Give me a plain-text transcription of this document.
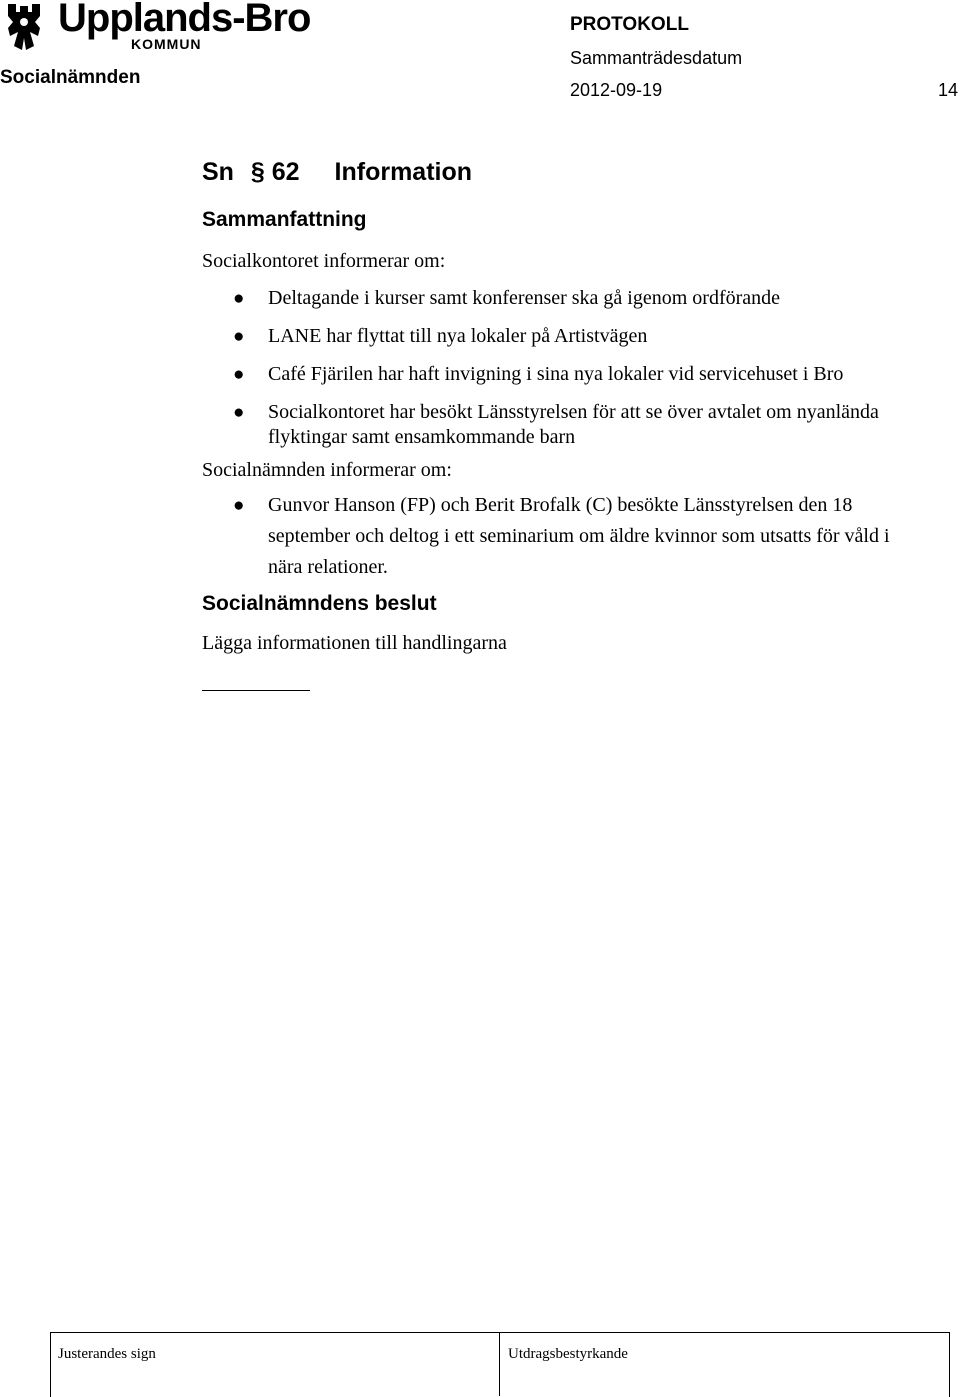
Upplands-Bro
KOMMUN
Socialnämnden
PROTOKOLL
Sammanträdesdatum
2012-09-19	14
Sn § 62 Information
Sammanfattning
Socialkontoret informerar om:
● Deltagande i kurser samt konferenser ska gå igenom ordförande
● LANE har flyttat till nya lokaler på Artistvägen
● Café Fjärilen har haft invigning i sina nya lokaler vid servicehuset i Bro
● Socialkontoret har besökt Länsstyrelsen för att se över avtalet om nyanlända flyktingar samt ensamkommande barn
Socialnämnden informerar om:
● Gunvor Hanson (FP) och Berit Brofalk (C) besökte Länsstyrelsen den 18 september och deltog i ett seminarium om äldre kvinnor som utsatts för våld i nära relationer.
Socialnämndens beslut
Lägga informationen till handlingarna
Justerandes sign	Utdragsbestyrkande
